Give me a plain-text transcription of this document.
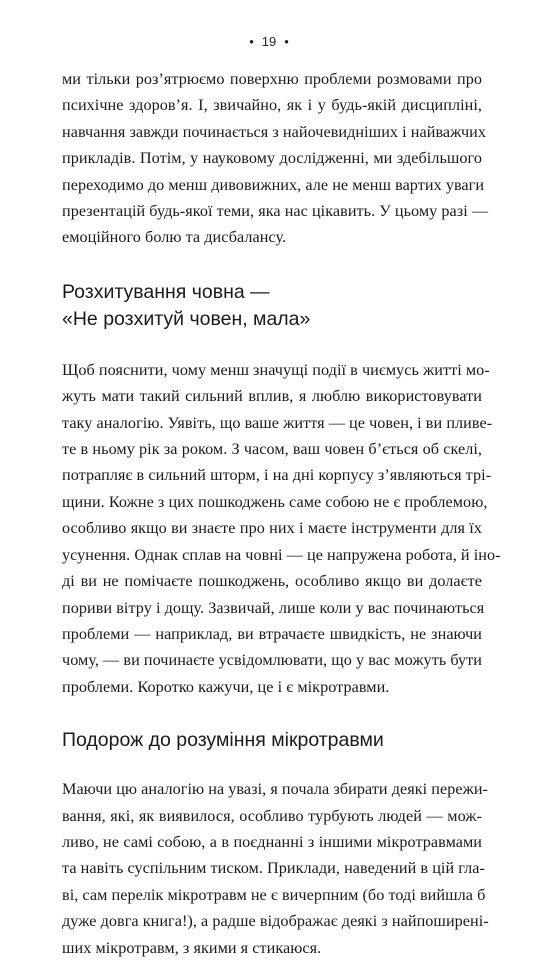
• 19 •

ми тільки роз’ятрюємо поверхню проблеми розмовами про
психічне здоров’я. І, звичайно, як і у будь-якій дисципліні,
навчання завжди починається з найочевидніших і найважчих
прикладів. Потім, у науковому дослідженні, ми здебільшого
переходимо до менш дивовижних, але не менш вартих уваги
презентацій будь-якої теми, яка нас цікавить. У цьому разі —
емоційного болю та дисбалансу.

Розхитування човна —
«Не розхитуй човен, мала»

Щоб пояснити, чому менш значущі події в чиємусь житті мо-
жуть мати такий сильний вплив, я люблю використовувати
таку аналогію. Уявіть, що ваше життя — це човен, і ви пливе-
те в ньому рік за роком. З часом, ваш човен б’ється об скелі,
потрапляє в сильний шторм, і на дні корпусу з’являються трі-
щини. Кожне з цих пошкоджень саме собою не є проблемою,
особливо якщо ви знаєте про них і маєте інструменти для їх
усунення. Однак сплав на човні — це напружена робота, й іно-
ді ви не помічаєте пошкоджень, особливо якщо ви долаєте
пориви вітру і дощу. Зазвичай, лише коли у вас починаються
проблеми — наприклад, ви втрачаєте швидкість, не знаючи
чому, — ви починаєте усвідомлювати, що у вас можуть бути
проблеми. Коротко кажучи, це і є мікротравми.

Подорож до розуміння мікротравми

Маючи цю аналогію на увазі, я почала збирати деякі пережи-
вання, які, як виявилося, особливо турбують людей — мож-
ливо, не самі собою, а в поєднанні з іншими мікротравмами
та навіть суспільним тиском. Приклади, наведений в цій гла-
ві, сам перелік мікротравм не є вичерпним (бо тоді вийшла б
дуже довга книга!), а радше відображає деякі з найпоширені-
ших мікротравм, з якими я стикаюся.
